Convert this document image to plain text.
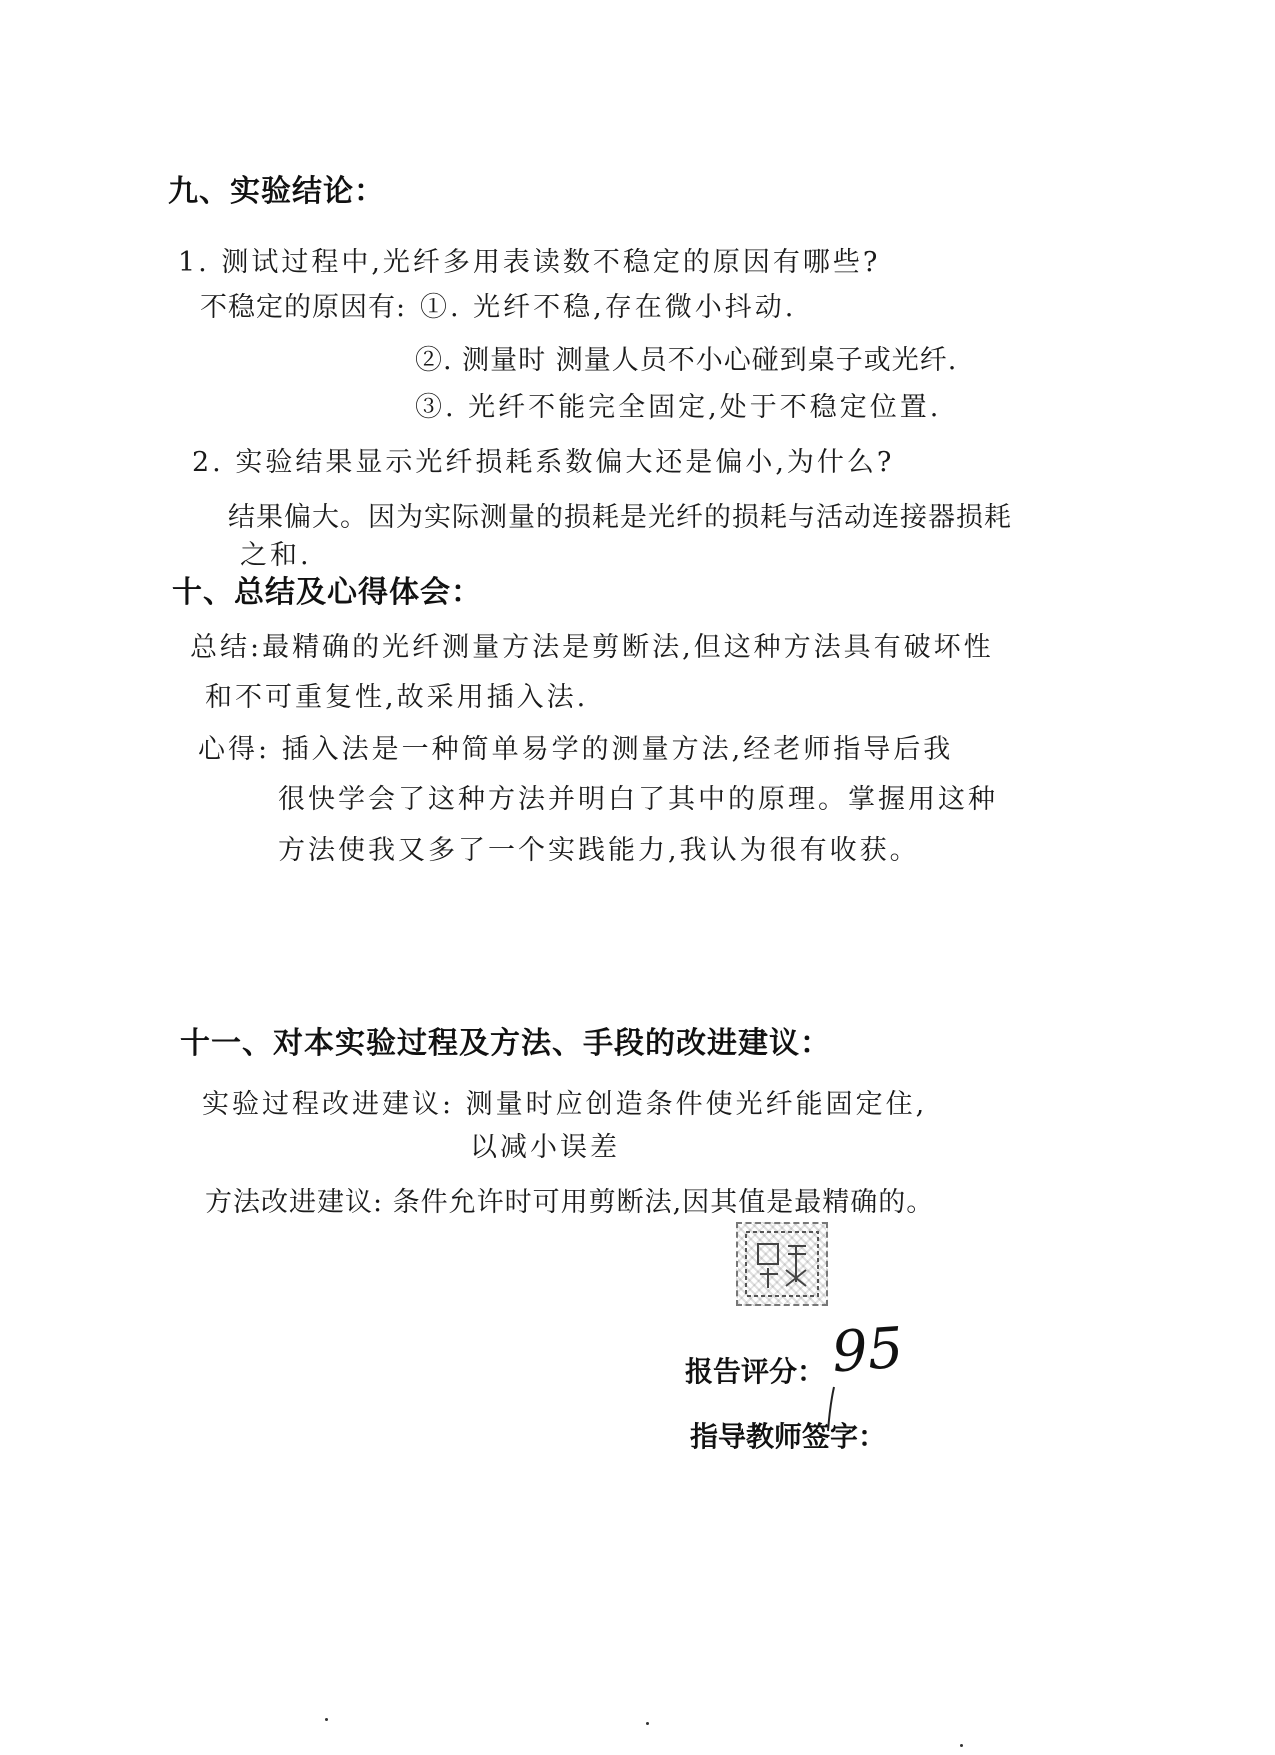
九、实验结论：
1. 测试过程中,光纤多用表读数不稳定的原因有哪些?
不稳定的原因有: ①. 光纤不稳,存在微小抖动.
②. 测量时 测量人员不小心碰到桌子或光纤.
③. 光纤不能完全固定,处于不稳定位置.
2. 实验结果显示光纤损耗系数偏大还是偏小,为什么?
结果偏大。因为实际测量的损耗是光纤的损耗与活动连接器损耗
之和.
十、总结及心得体会：
总结:最精确的光纤测量方法是剪断法,但这种方法具有破坏性
和不可重复性,故采用插入法.
心得: 插入法是一种简单易学的测量方法,经老师指导后我
很快学会了这种方法并明白了其中的原理。掌握用这种
方法使我又多了一个实践能力,我认为很有收获。
十一、对本实验过程及方法、手段的改进建议：
实验过程改进建议: 测量时应创造条件使光纤能固定住,
以减小误差
方法改进建议: 条件允许时可用剪断法,因其值是最精确的。
报告评分： 95
指导教师签字：
